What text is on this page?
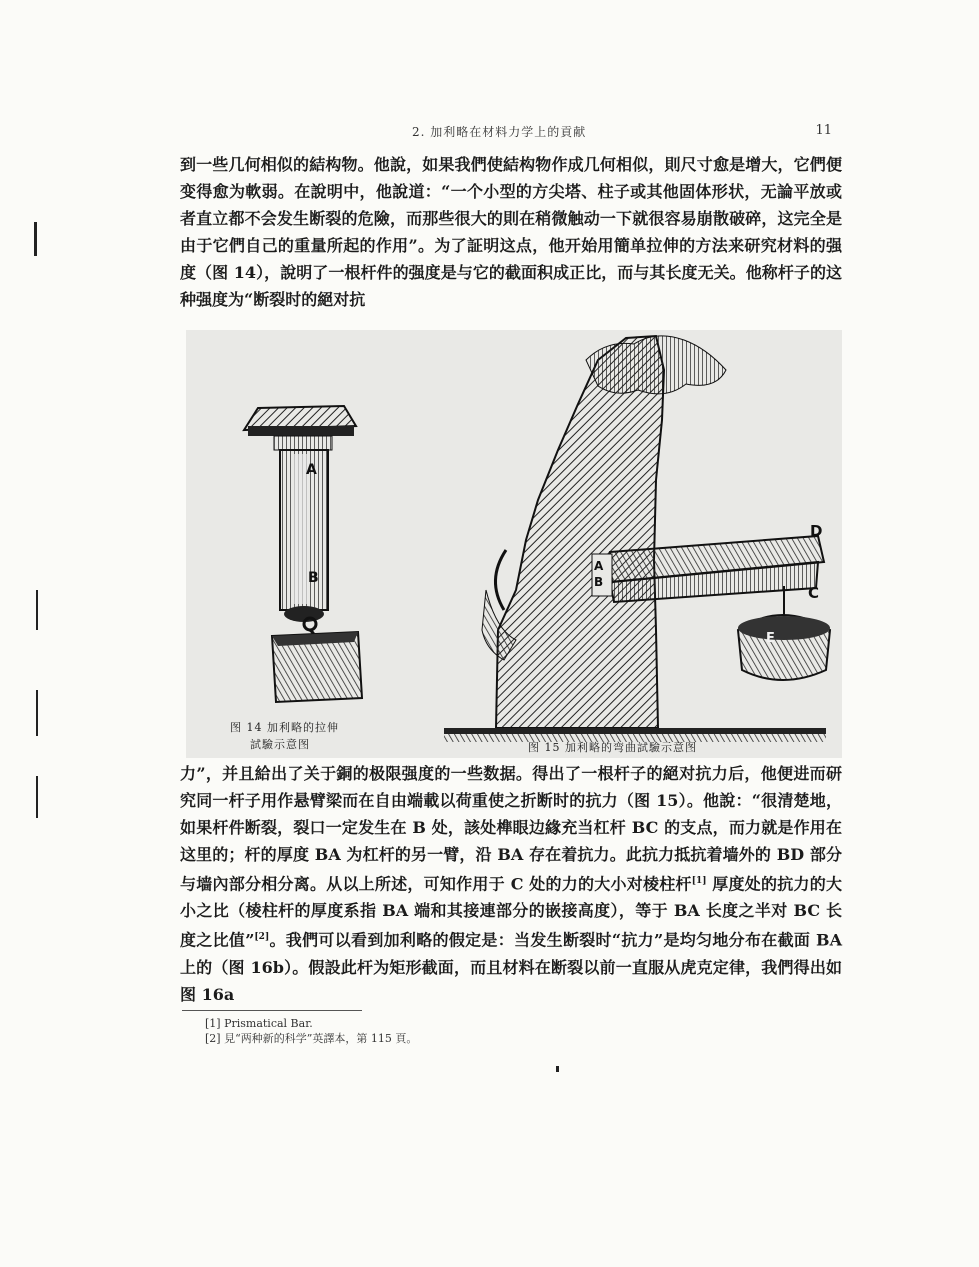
2. 加利略在材料力学上的貢献	11

到一些几何相似的結构物。他說，如果我們使結构物作成几何相似，則尺寸愈是增大，它們便变得愈为軟弱。在說明中，他說道：“一个小型的方尖塔、柱子或其他固体形状，无論平放或者直立都不会发生断裂的危險，而那些很大的則在稍微触动一下就很容易崩散破碎，这完全是由于它們自己的重量所起的作用”。为了証明这点，他开始用簡单拉伸的方法来研究材料的强度（图 14），說明了一根杆件的强度是与它的截面积成正比，而与其长度无关。他称杆子的这种强度为“断裂时的絕对抗

A
B
A
B
D
C
E
图 14 加利略的拉伸
試驗示意图	图 15 加利略的弯曲試驗示意图

力”，并且給出了关于銅的极限强度的一些数据。得出了一根杆子的絕对抗力后，他便进而研究同一杆子用作悬臂梁而在自由端載以荷重使之折断时的抗力（图 15）。他說：“很清楚地，如果杆件断裂，裂口一定发生在 B 处，該处榫眼边緣充当杠杆 BC 的支点，而力就是作用在这里的；杆的厚度 BA 为杠杆的另一臂，沿 BA 存在着抗力。此抗力抵抗着墙外的 BD 部分与墙內部分相分离。从以上所述，可知作用于 C 处的力的大小对棱柱杆[1] 厚度处的抗力的大小之比（棱柱杆的厚度系指 BA 端和其接連部分的嵌接高度），等于 BA 长度之半对 BC 长度之比值”[2]。我們可以看到加利略的假定是：当发生断裂时“抗力”是均匀地分布在截面 BA 上的（图 16b）。假設此杆为矩形截面，而且材料在断裂以前一直服从虎克定律，我們得出如图 16a

[1] Prismatical Bar.
[2] 見“两种新的科学”英譯本，第 115 頁。
